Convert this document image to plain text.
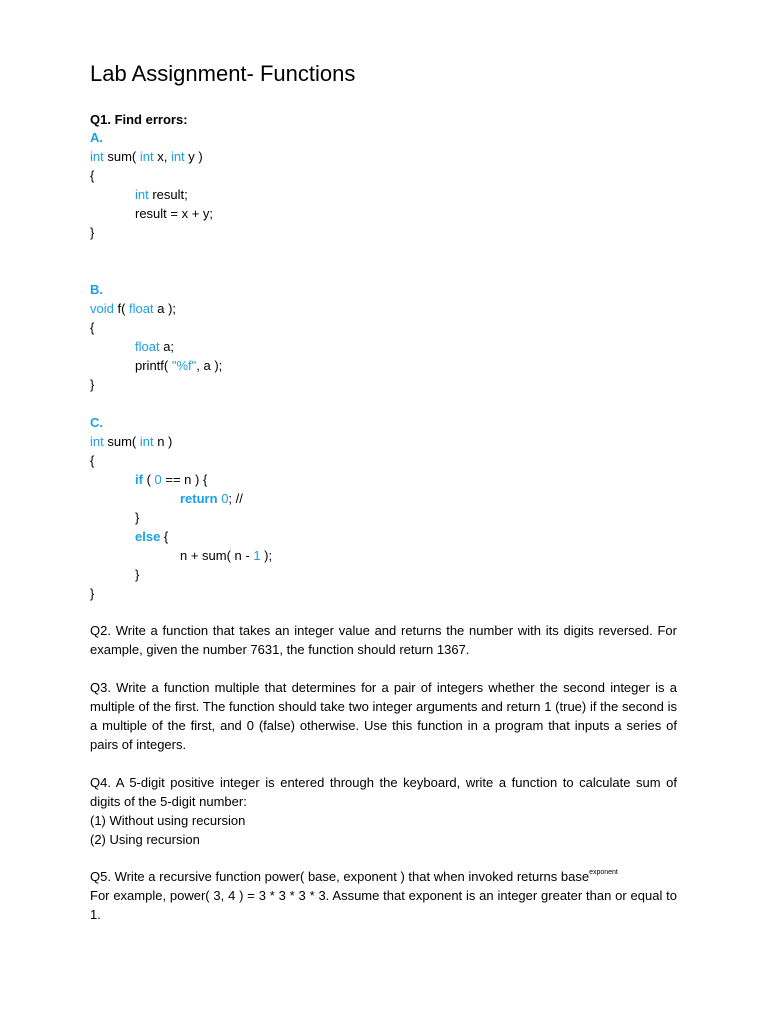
Lab Assignment- Functions
Q1. Find errors:
A.
int sum( int x, int y )
{
int result;
result = x + y;
}
B.
void f( float a );
{
float a;
printf( "%f", a );
}
C.
int sum( int n )
{
if ( 0 == n ) {
return 0; //
}
else {
n + sum( n - 1 );
}
}

Q2. Write a function that takes an integer value and returns the number with its digits reversed. For example, given the number 7631, the function should return 1367.

Q3. Write a function multiple that determines for a pair of integers whether the second integer is a multiple of the first. The function should take two integer arguments and return 1 (true) if the second is a multiple of the first, and 0 (false) otherwise. Use this function in a program that inputs a series of pairs of integers.

Q4. A 5-digit positive integer is entered through the keyboard, write a function to calculate sum of digits of the 5-digit number:

(1) Without using recursion

(2) Using recursion

Q5. Write a recursive function power( base, exponent ) that when invoked returns base$^{exponent}$

For example, power( 3, 4 ) = 3 * 3 * 3 * 3. Assume that exponent is an integer greater than or equal to 1.
